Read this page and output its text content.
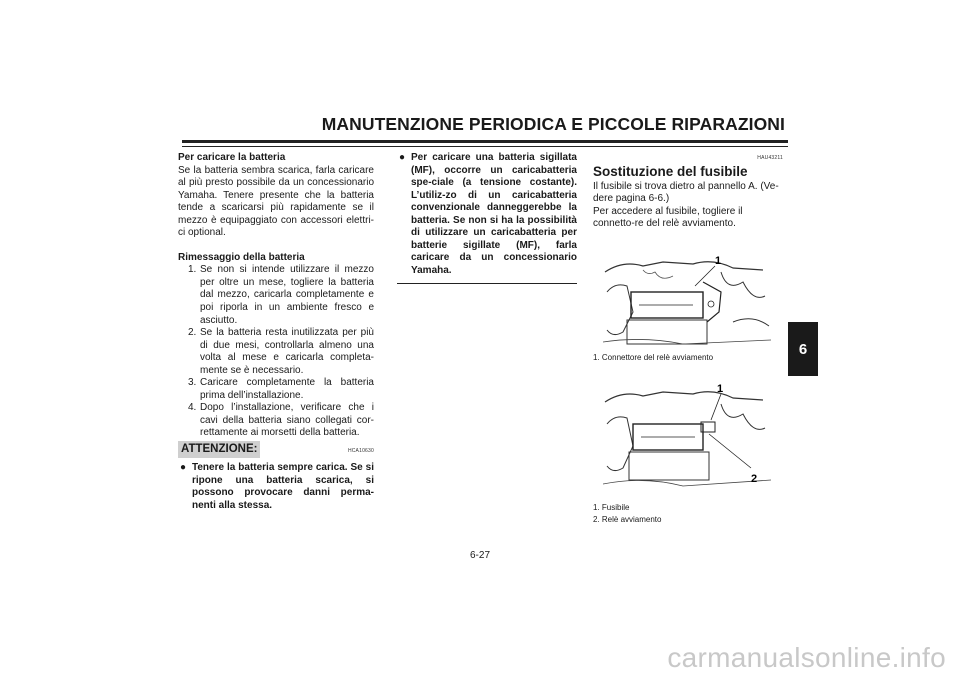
MANUTENZIONE PERIODICA E PICCOLE RIPARAZIONI
6

Per caricare la batteria

Se la batteria sembra scarica, farla caricare al più presto possibile da un concessionario Yamaha. Tenere presente che la batteria tende a scaricarsi più rapidamente se il mezzo è equipaggiato con accessori elettri-ci optional.

Rimessaggio della batteria

1. Se non si intende utilizzare il mezzo per oltre un mese, togliere la batteria dal mezzo, caricarla completamente e poi riporla in un ambiente fresco e asciutto.
2. Se la batteria resta inutilizzata per più di due mesi, controllarla almeno una volta al mese e caricarla completa-mente se è necessario.
3. Caricare completamente la batteria prima dell’installazione.
4. Dopo l’installazione, verificare che i cavi della batteria siano collegati cor-rettamente ai morsetti della batteria.
ATTENZIONE:	HCA10630
● Tenere la batteria sempre carica. Se si ripone una batteria scarica, si possono provocare danni perma-nenti alla stessa.
● Per caricare una batteria sigillata (MF), occorre un caricabatteria spe-ciale (a tensione costante). L’utiliz-zo di un caricabatteria convenzionale danneggerebbe la batteria. Se non si ha la possibilità di utilizzare un caricabatteria per batterie sigillate (MF), farla caricare da un concessionario Yamaha.
HAU43211

Sostituzione del fusibile

Il fusibile si trova dietro al pannello A. (Ve-dere pagina 6-6.)

Per accedere al fusibile, togliere il connetto-re del relè avviamento.

1
1. Connettore del relè avviamento
1
2
1. Fusibile
2. Relè avviamento
6-27
carmanualsonline.info
